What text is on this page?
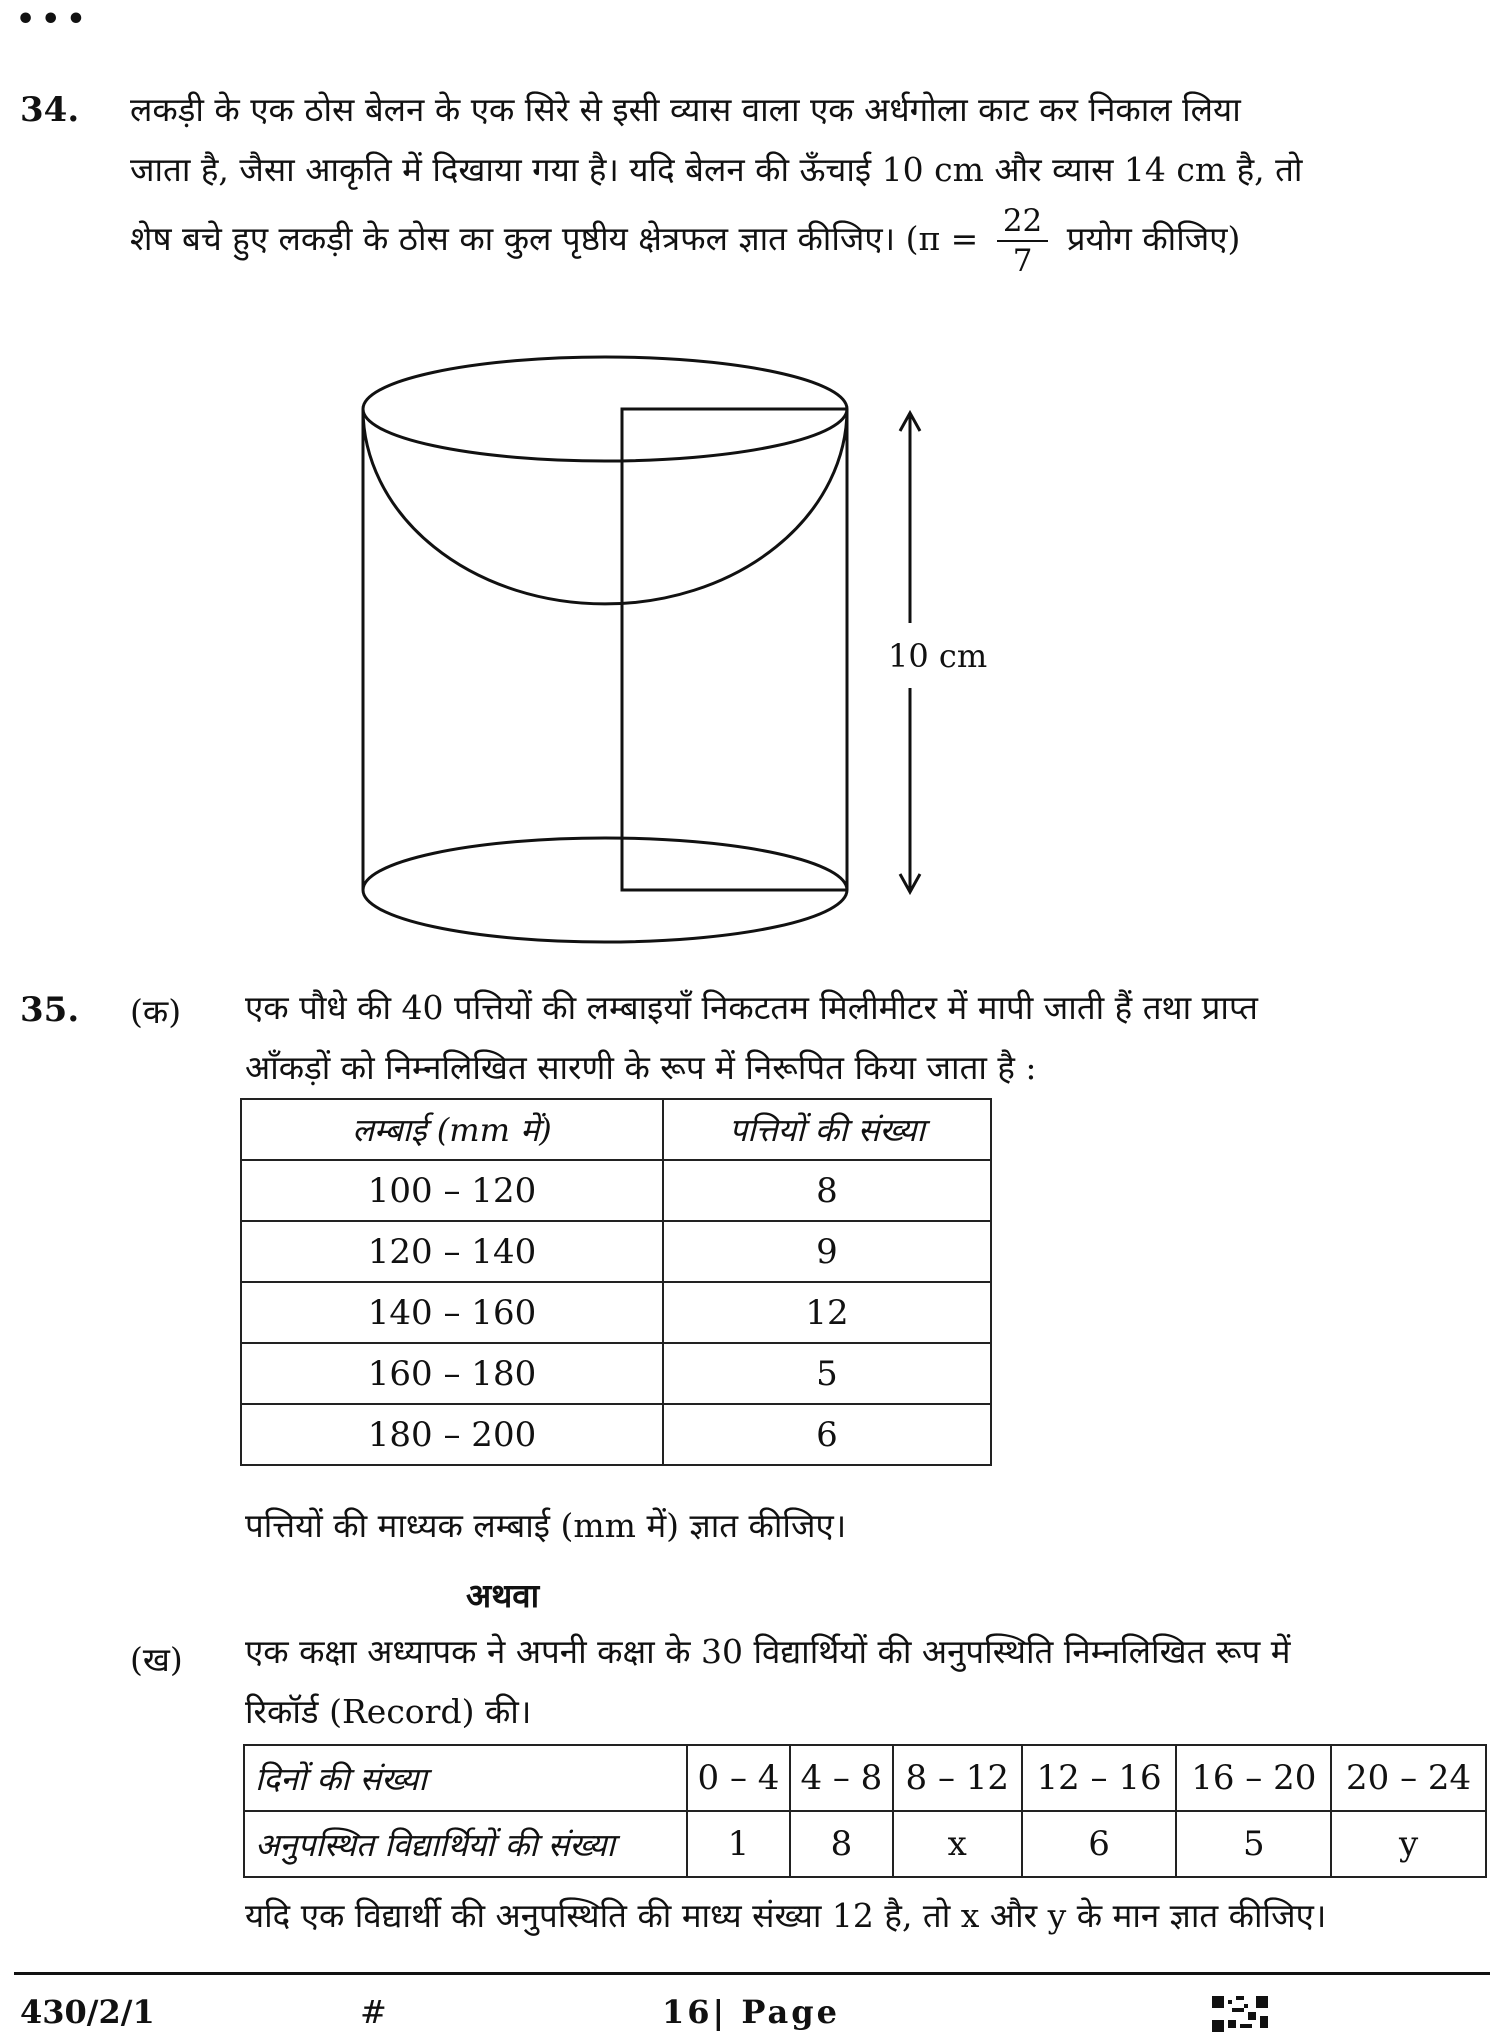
•••
34. लकड़ी के एक ठोस बेलन के एक सिरे से इसी व्यास वाला एक अर्धगोला काट कर निकाल लिया
जाता है, जैसा आकृति में दिखाया गया है। यदि बेलन की ऊँचाई 10 cm और व्यास 14 cm है, तो
शेष बचे हुए लकड़ी के ठोस का कुल पृष्ठीय क्षेत्रफल ज्ञात कीजिए। ($\pi = \frac{22}{7}$ प्रयोग कीजिए)
10 cm
35. (क) एक पौधे की 40 पत्तियों की लम्बाइयाँ निकटतम मिलीमीटर में मापी जाती हैं तथा प्राप्त
आँकड़ों को निम्नलिखित सारणी के रूप में निरूपित किया जाता है :
लम्बाई (mm में)	पत्तियों की संख्या
100 – 120	8
120 – 140	9
140 – 160	12
160 – 180	5
180 – 200	6
पत्तियों की माध्यक लम्बाई (mm में) ज्ञात कीजिए।
अथवा
(ख) एक कक्षा अध्यापक ने अपनी कक्षा के 30 विद्यार्थियों की अनुपस्थिति निम्नलिखित रूप में
रिकॉर्ड (Record) की।
दिनों की संख्या	0 – 4	4 – 8	8 – 12	12 – 16	16 – 20	20 – 24
अनुपस्थित विद्यार्थियों की संख्या	1	8	x	6	5	y
यदि एक विद्यार्थी की अनुपस्थिति की माध्य संख्या 12 है, तो x और y के मान ज्ञात कीजिए।
430/2/1	#	16| Page
